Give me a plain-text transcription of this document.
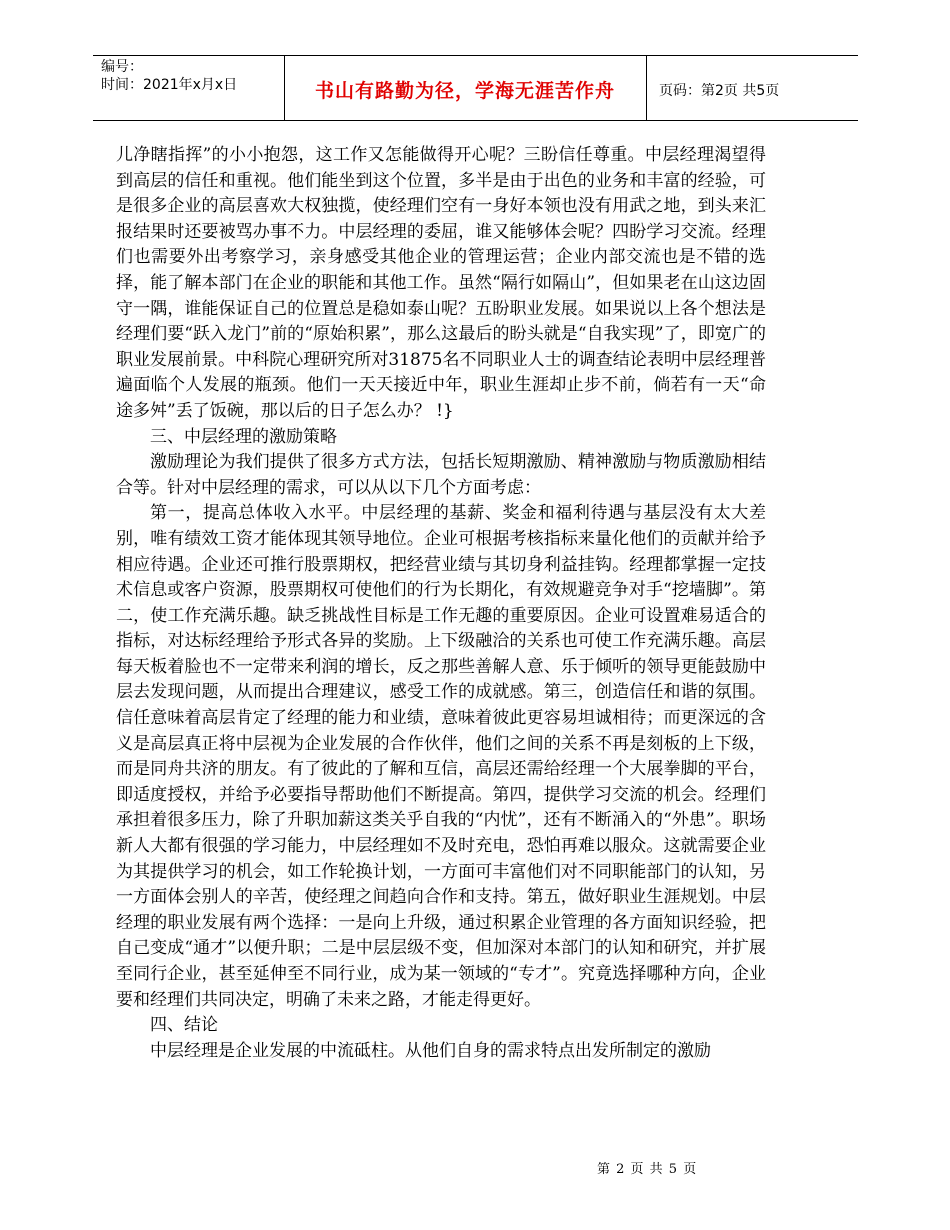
编号：
时间：2021年x月x日	书山有路勤为径，学海无涯苦作舟	页码：第2页 共5页

儿净瞎指挥”的小小抱怨，这工作又怎能做得开心呢？三盼信任尊重。中层经理渴望得到高层的信任和重视。他们能坐到这个位置，多半是由于出色的业务和丰富的经验，可是很多企业的高层喜欢大权独揽，使经理们空有一身好本领也没有用武之地，到头来汇报结果时还要被骂办事不力。中层经理的委屈，谁又能够体会呢？四盼学习交流。经理们也需要外出考察学习，亲身感受其他企业的管理运营；企业内部交流也是不错的选择，能了解本部门在企业的职能和其他工作。虽然“隔行如隔山”，但如果老在山这边固守一隅，谁能保证自己的位置总是稳如泰山呢？五盼职业发展。如果说以上各个想法是经理们要“跃入龙门”前的“原始积累”，那么这最后的盼头就是“自我实现”了，即宽广的职业发展前景。中科院心理研究所对31875名不同职业人士的调查结论表明中层经理普遍面临个人发展的瓶颈。他们一天天接近中年，职业生涯却止步不前，倘若有一天“命途多舛”丢了饭碗，那以后的日子怎么办？ !}

三、中层经理的激励策略

激励理论为我们提供了很多方式方法，包括长短期激励、精神激励与物质激励相结合等。针对中层经理的需求，可以从以下几个方面考虑：

第一，提高总体收入水平。中层经理的基薪、奖金和福利待遇与基层没有太大差别，唯有绩效工资才能体现其领导地位。企业可根据考核指标来量化他们的贡献并给予相应待遇。企业还可推行股票期权，把经营业绩与其切身利益挂钩。经理都掌握一定技术信息或客户资源，股票期权可使他们的行为长期化，有效规避竞争对手“挖墙脚”。第二，使工作充满乐趣。缺乏挑战性目标是工作无趣的重要原因。企业可设置难易适合的指标，对达标经理给予形式各异的奖励。上下级融洽的关系也可使工作充满乐趣。高层每天板着脸也不一定带来利润的增长，反之那些善解人意、乐于倾听的领导更能鼓励中层去发现问题，从而提出合理建议，感受工作的成就感。第三，创造信任和谐的氛围。信任意味着高层肯定了经理的能力和业绩，意味着彼此更容易坦诚相待；而更深远的含义是高层真正将中层视为企业发展的合作伙伴，他们之间的关系不再是刻板的上下级，而是同舟共济的朋友。有了彼此的了解和互信，高层还需给经理一个大展拳脚的平台，即适度授权，并给予必要指导帮助他们不断提高。第四，提供学习交流的机会。经理们承担着很多压力，除了升职加薪这类关乎自我的“内忧”，还有不断涌入的“外患”。职场新人大都有很强的学习能力，中层经理如不及时充电，恐怕再难以服众。这就需要企业为其提供学习的机会，如工作轮换计划，一方面可丰富他们对不同职能部门的认知，另一方面体会别人的辛苦，使经理之间趋向合作和支持。第五，做好职业生涯规划。中层经理的职业发展有两个选择：一是向上升级，通过积累企业管理的各方面知识经验，把自己变成“通才”以便升职；二是中层层级不变，但加深对本部门的认知和研究，并扩展至同行企业，甚至延伸至不同行业，成为某一领域的“专才”。究竟选择哪种方向，企业要和经理们共同决定，明确了未来之路，才能走得更好。

四、结论

中层经理是企业发展的中流砥柱。从他们自身的需求特点出发所制定的激励

第 2 页 共 5 页
